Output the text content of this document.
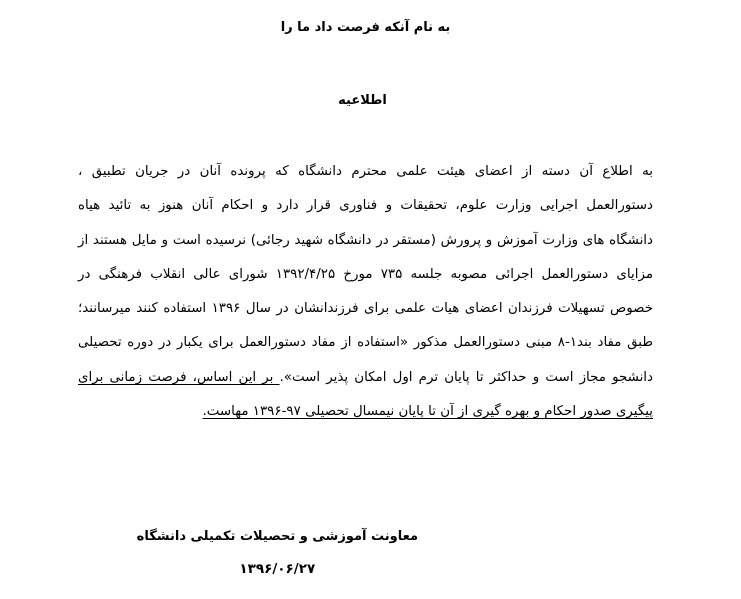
به نام آنکه فرصت داد ما را
اطلاعیه
به اطلاع آن دسته از اعضای هیئت علمی محترم دانشگاه که پرونده آنان در جریان تطبیق ،
دستورالعمل اجرایی وزارت علوم، تحقیقات و فناوری قرار دارد و احکام آنان هنوز به تائید هیاه
دانشگاه های وزارت آموزش و پرورش (مستقر در دانشگاه شهید رجائی) نرسیده است و مایل هستند از
مزایای دستورالعمل اجرائی مصوبه جلسه ۷۳۵ مورخ ۱۳۹۲/۴/۲۵ شورای عالی انقلاب فرهنگی در
خصوص تسهیلات فرزندان اعضای هیات علمی برای فرزندانشان در سال ۱۳۹۶ استفاده کنند میرسانند؛
طبق مفاد بند۱-۸ مبنی دستورالعمل مذکور «استفاده از مفاد دستورالعمل برای یکبار در دوره تحصیلی
دانشجو مجاز است و حداکثر تا پایان ترم اول امکان پذیر است». بر این اساس، فرصت زمانی برای
پیگیری صدور احکام و بهره گیری از آن تا پایان نیمسال تحصیلی ۹۷-۱۳۹۶ مهاست.
معاونت آموزشی و تحصیلات تکمیلی دانشگاه
۱۳۹۶/۰۶/۲۷
